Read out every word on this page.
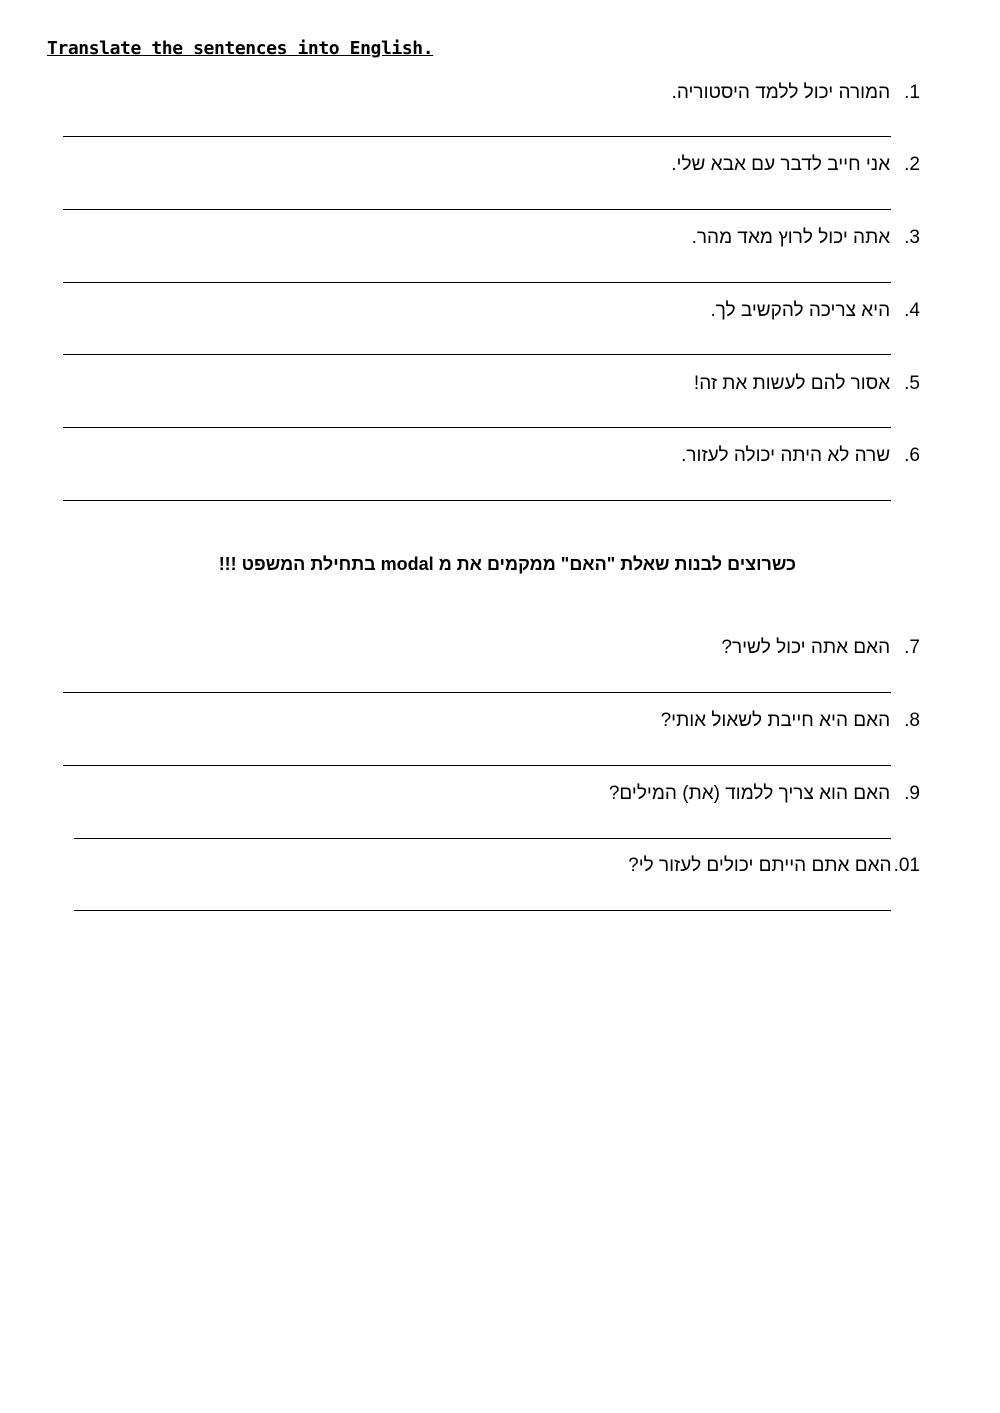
Translate the sentences into English.
.1המורה יכול ללמד היסטוריה.
.2אני חייב לדבר עם אבא שלי.
.3אתה יכול לרוץ מאד מהר.
.4היא צריכה להקשיב לך.
.5אסור להם לעשות את זה!
.6שרה לא היתה יכולה לעזור.
כשרוצים לבנות שאלת "האם" ממקמים את מ modal בתחילת המשפט !!!
.7האם אתה יכול לשיר?
.8האם היא חייבת לשאול אותי?
.9האם הוא צריך ללמוד (את) המילים?
.01האם אתם הייתם יכולים לעזור לי?
